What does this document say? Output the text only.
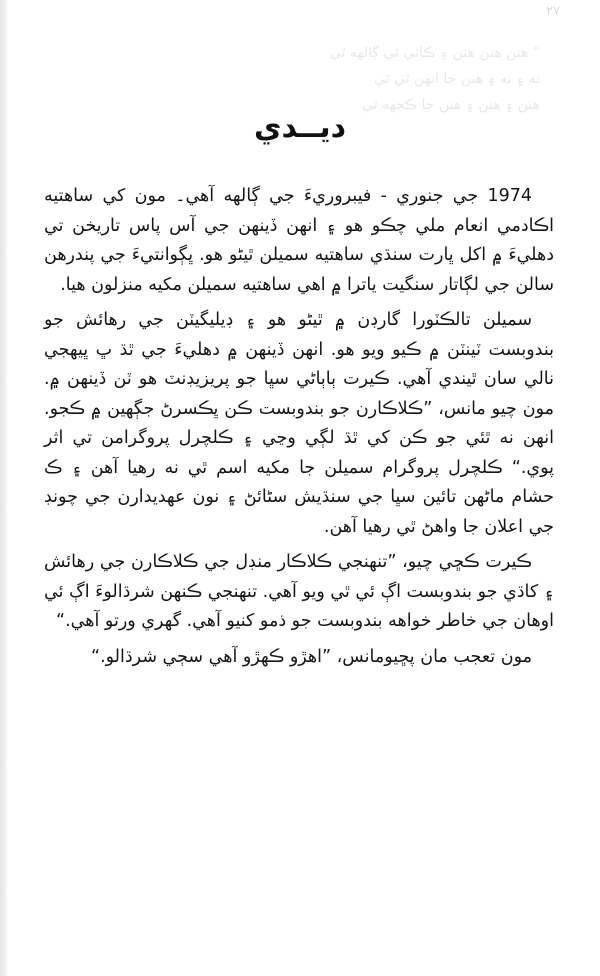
٢٧
“ هنن هنن هنن ۽ ڪاٿي ٿي ڳالهه ٿي
نه ۽ نه ۽ هنن جا انهن ٿي ٿي
هنن ۽ هنن ۽ هنن جا ڪجهه ٿي
ديــدي

1974 جي جنوري - فيبروريءَ جي ڳالهه آهي۔ مون کي ساهتيه اڪادمي انعام ملي چڪو هو ۽ انهن ڏينهن جي آس پاس تاريخن تي دهليءَ ۾ اکل ڀارت سنڌي ساهتيه سميلن ٿيڻو هو. ڀڳوانتيءَ جي پندرهن سالن جي لڳاتار سنگيت ياترا ۾ اهي ساهتيه سميلن مکيه منزلون هيا.

سميلن تالڪٽورا گارڊن ۾ ٿيڻو هو ۽ ڊيليگيٽن جي رهائش جو بندوبست ٽينٽن ۾ ڪيو ويو هو. انهن ڏينهن ۾ دهليءَ جي ٿڌ ڀ ڀيهجي نالي سان ٿيندي آهي. ڪيرت ٻاٻاڻي سڀا جو پريزيڊنٽ هو ٽن ڏينهن ۾. مون چيو مانس، ”ڪلاڪارن جو بندوبست ڪن ڀڪسرڻ جڳهين ۾ ڪجو. انهن نه ٿئي جو ڪن کي ٿڌ لڳي وڃي ۽ ڪلچرل پروگرامن تي اثر پوي.“ ڪلچرل پروگرام سميلن جا مکيه اسم ٿي نه رهيا آهن ۽ ڪ حشام ماڻهن تائين سڀا جي سنڌيش سڻائڻ ۽ نون عهديدارن جي چونڊ جي اعلان جا واهڻ ٿي رهيا آهن.

ڪيرت ڪڇي چيو، ”تنهنجي ڪلاڪار منڊل جي ڪلاڪارن جي رهائش ۽ کاڌي جو بندوبست اڳ ئي ٿي ويو آهي. تنهنجي ڪنهن شرڌالوءَ اڳ ئي اوهان جي خاطر خواهه بندوبست جو ذمو کنيو آهي. گهري ورتو آهي.“

مون تعجب مان پڇيومانس، ”اهڙو ڪهڙو آهي سڄي شرڌالو.“
